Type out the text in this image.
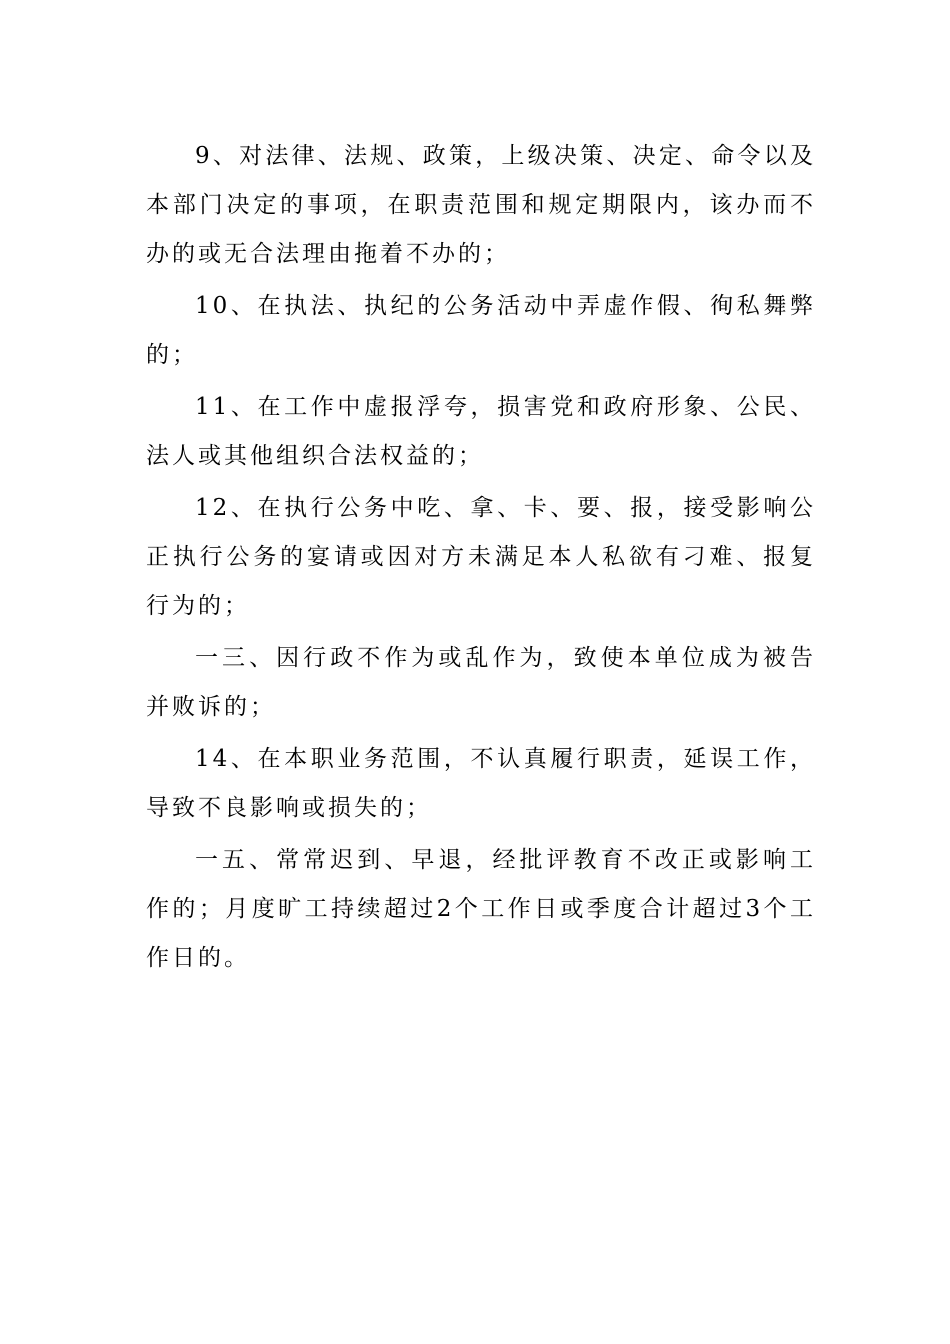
9、对法律、法规、政策，上级决策、决定、命令以及本部门决定的事项，在职责范围和规定期限内，该办而不办的或无合法理由拖着不办的；

10、在执法、执纪的公务活动中弄虚作假、徇私舞弊的；

11、在工作中虚报浮夸，损害党和政府形象、公民、法人或其他组织合法权益的；

12、在执行公务中吃、拿、卡、要、报，接受影响公正执行公务的宴请或因对方未满足本人私欲有刁难、报复行为的；

一三、因行政不作为或乱作为，致使本单位成为被告并败诉的；

14、在本职业务范围，不认真履行职责，延误工作，导致不良影响或损失的；

一五、常常迟到、早退，经批评教育不改正或影响工作的；月度旷工持续超过2个工作日或季度合计超过3个工作日的。
